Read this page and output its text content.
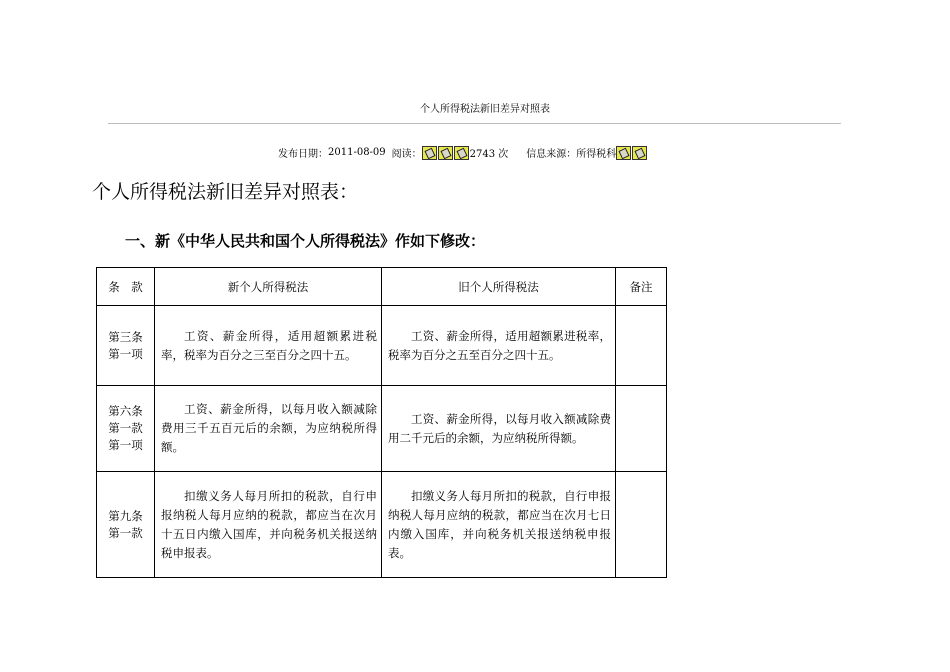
个人所得税法新旧差异对照表
发布日期： 2011-08-09 阅读：	2743 次 信息来源： 所得税科
个人所得税法新旧差异对照表：
一、新《中华人民共和国个人所得税法》作如下修改：
条　款	新个人所得税法	旧个人所得税法	备注

第三条
第一项	工资、薪金所得，适用超额累进税率，税率为百分之三至百分之四十五。	工资、薪金所得，适用超额累进税率，税率为百分之五至百分之四十五。	

第六条
第一款
第一项	工资、薪金所得，以每月收入额减除费用三千五百元后的余额，为应纳税所得额。	工资、薪金所得，以每月收入额减除费用二千元后的余额，为应纳税所得额。	

第九条
第一款	扣缴义务人每月所扣的税款，自行申报纳税人每月应纳的税款，都应当在次月十五日内缴入国库，并向税务机关报送纳税申报表。	扣缴义务人每月所扣的税款，自行申报纳税人每月应纳的税款，都应当在次月七日内缴入国库，并向税务机关报送纳税申报表。	
